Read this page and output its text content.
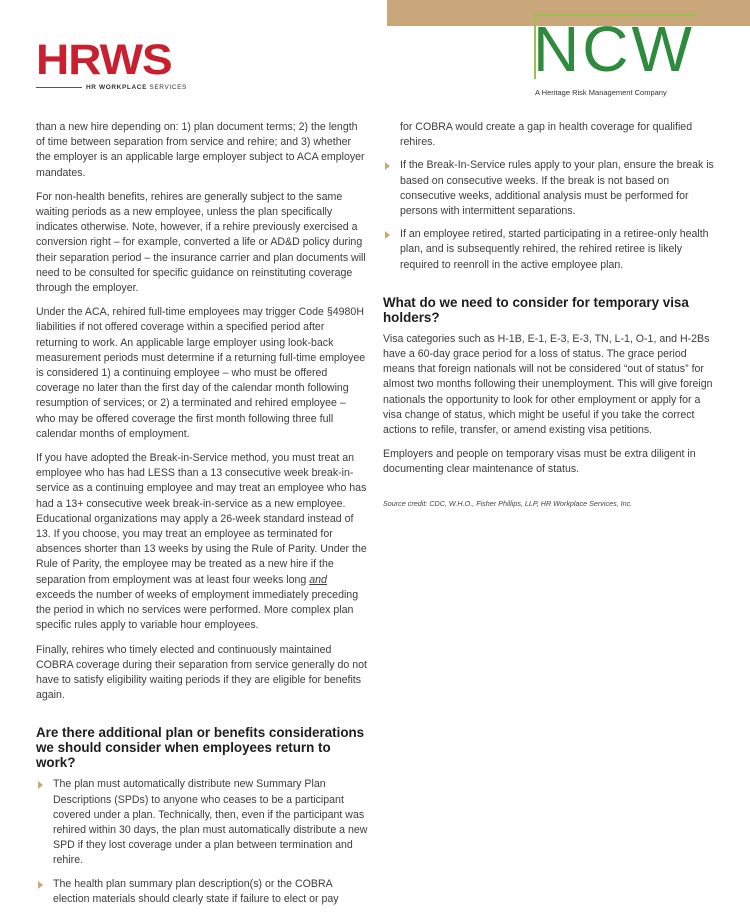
HRWS
HR WORKPLACE SERVICES
NCW
A Heritage Risk Management Company

than a new hire depending on: 1) plan document terms; 2) the length of time between separation from service and rehire; and 3) whether the employer is an applicable large employer subject to ACA employer mandates.

For non-health benefits, rehires are generally subject to the same waiting periods as a new employee, unless the plan specifically indicates otherwise. Note, however, if a rehire previously exercised a conversion right – for example, converted a life or AD&D policy during their separation period – the insurance carrier and plan documents will need to be consulted for specific guidance on reinstituting coverage through the employer.

Under the ACA, rehired full-time employees may trigger Code §4980H liabilities if not offered coverage within a specified period after returning to work. An applicable large employer using look-back measurement periods must determine if a returning full-time employee is considered 1) a continuing employee – who must be offered coverage no later than the first day of the calendar month following resumption of services; or 2) a terminated and rehired employee – who may be offered coverage the first month following three full calendar months of employment.

If you have adopted the Break-in-Service method, you must treat an employee who has had LESS than a 13 consecutive week break-in-service as a continuing employee and may treat an employee who has had a 13+ consecutive week break-in-service as a new employee. Educational organizations may apply a 26-week standard instead of 13. If you choose, you may treat an employee as terminated for absences shorter than 13 weeks by using the Rule of Parity. Under the Rule of Parity, the employee may be treated as a new hire if the separation from employment was at least four weeks long and exceeds the number of weeks of employment immediately preceding the period in which no services were performed. More complex plan specific rules apply to variable hour employees.

Finally, rehires who timely elected and continuously maintained COBRA coverage during their separation from service generally do not have to satisfy eligibility waiting periods if they are eligible for benefits again.

Are there additional plan or benefits considerations we should consider when employees return to work?
The plan must automatically distribute new Summary Plan Descriptions (SPDs) to anyone who ceases to be a participant covered under a plan. Technically, then, even if the participant was rehired within 30 days, the plan must automatically distribute a new SPD if they lost coverage under a plan between termination and rehire.
The health plan summary plan description(s) or the COBRA election materials should clearly state if failure to elect or pay
for COBRA would create a gap in health coverage for qualified rehires.
If the Break-In-Service rules apply to your plan, ensure the break is based on consecutive weeks. If the break is not based on consecutive weeks, additional analysis must be performed for persons with intermittent separations.
If an employee retired, started participating in a retiree-only health plan, and is subsequently rehired, the rehired retiree is likely required to reenroll in the active employee plan.
What do we need to consider for temporary visa holders?

Visa categories such as H-1B, E-1, E-3, E-3, TN, L-1, O-1, and H-2Bs have a 60-day grace period for a loss of status. The grace period means that foreign nationals will not be considered “out of status” for almost two months following their unemployment. This will give foreign nationals the opportunity to look for other employment or apply for a visa change of status, which might be useful if you take the correct actions to refile, transfer, or amend existing visa petitions.

Employers and people on temporary visas must be extra diligent in documenting clear maintenance of status.

Source credit: CDC, W.H.O., Fisher Phillips, LLP, HR Workplace Services, Inc.
